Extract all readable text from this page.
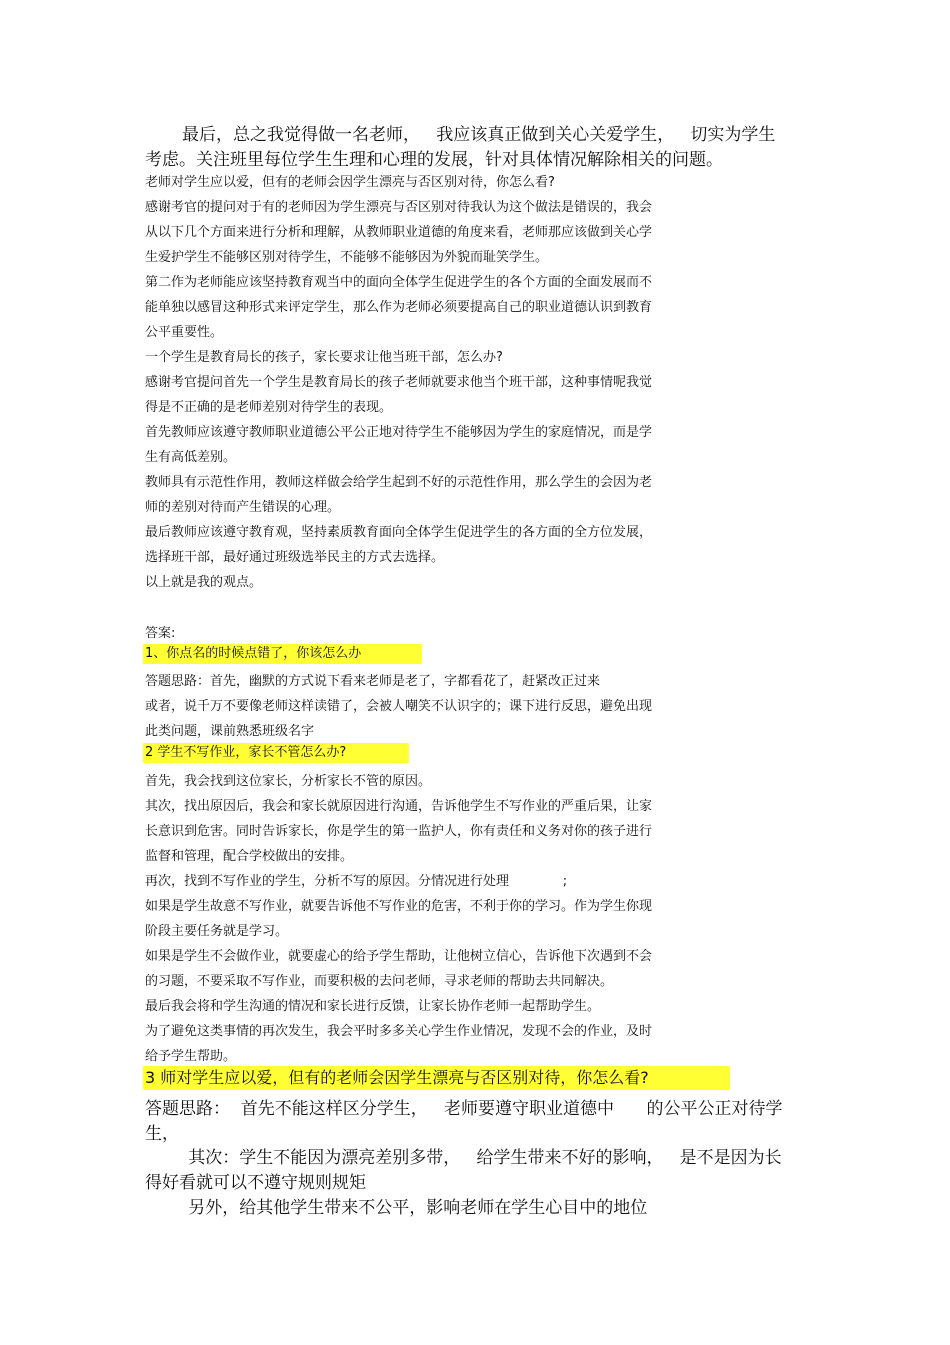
最后，总之我觉得做一名老师，   我应该真正做到关心关爱学生，   切实为学生
考虑。关注班里每位学生生理和心理的发展，针对具体情况解除相关的问题。
老师对学生应以爱，但有的老师会因学生漂亮与否区别对待，你怎么看?
感谢考官的提问对于有的老师因为学生漂亮与否区别对待我认为这个做法是错误的，我会
从以下几个方面来进行分析和理解，从教师职业道德的角度来看，老师那应该做到关心学
生爱护学生不能够区别对待学生，不能够不能够因为外貌而耻笑学生。
第二作为老师能应该坚持教育观当中的面向全体学生促进学生的各个方面的全面发展而不
能单独以感冒这种形式来评定学生，那么作为老师必须要提高自己的职业道德认识到教育
公平重要性。
一个学生是教育局长的孩子，家长要求让他当班干部，怎么办?
感谢考官提问首先一个学生是教育局长的孩子老师就要求他当个班干部，这种事情呢我觉
得是不正确的是老师差别对待学生的表现。
首先教师应该遵守教师职业道德公平公正地对待学生不能够因为学生的家庭情况，而是学
生有高低差别。
教师具有示范性作用，教师这样做会给学生起到不好的示范性作用，那么学生的会因为老
师的差别对待而产生错误的心理。
最后教师应该遵守教育观，坚持素质教育面向全体学生促进学生的各方面的全方位发展，
选择班干部，最好通过班级选举民主的方式去选择。
以上就是我的观点。
答案:
1、你点名的时候点错了，你该怎么办
答题思路：首先，幽默的方式说下看来老师是老了，字都看花了，赶紧改正过来
或者，说千万不要像老师这样读错了，会被人嘲笑不认识字的；课下进行反思，避免出现
此类问题，课前熟悉班级名字
2 学生不写作业，家长不管怎么办?
首先，我会找到这位家长，分析家长不管的原因。
其次，找出原因后，我会和家长就原因进行沟通，告诉他学生不写作业的严重后果，让家
长意识到危害。同时告诉家长，你是学生的第一监护人，你有责任和义务对你的孩子进行
监督和管理，配合学校做出的安排。
再次，找到不写作业的学生，分析不写的原因。分情况进行处理             ;
如果是学生故意不写作业，就要告诉他不写作业的危害，不利于你的学习。作为学生你现
阶段主要任务就是学习。
如果是学生不会做作业，就要虚心的给予学生帮助，让他树立信心，告诉他下次遇到不会
的习题，不要采取不写作业，而要积极的去问老师，寻求老师的帮助去共同解决。
最后我会将和学生沟通的情况和家长进行反馈，让家长协作老师一起帮助学生。
为了避免这类事情的再次发生，我会平时多多关心学生作业情况，发现不会的作业，及时
给予学生帮助。
3 师对学生应以爱，但有的老师会因学生漂亮与否区别对待，你怎么看?
答题思路：  首先不能这样区分学生，   老师要遵守职业道德中      的公平公正对待学
生，
其次：学生不能因为漂亮差别多带，   给学生带来不好的影响，   是不是因为长
得好看就可以不遵守规则规矩
另外，给其他学生带来不公平，影响老师在学生心目中的地位
